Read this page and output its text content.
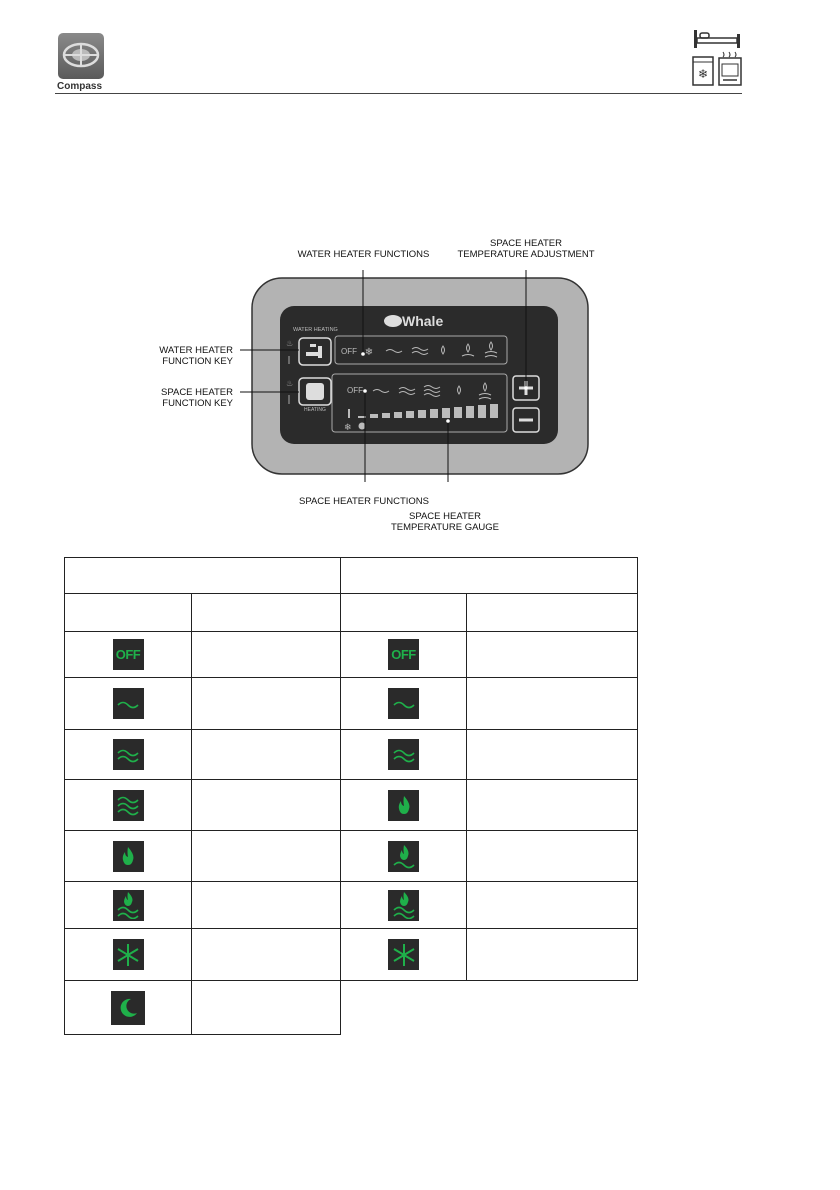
Compass
❄
♨
♨
❄
❄
Whale
WATER HEATING
HEATING
OFF
OFF
WATER HEATER FUNCTIONS
SPACE HEATER
TEMPERATURE ADJUSTMENT
WATER HEATER
FUNCTION KEY
SPACE HEATER
FUNCTION KEY
SPACE HEATER FUNCTIONS
SPACE HEATER
TEMPERATURE GAUGE

OFF		OFF	
